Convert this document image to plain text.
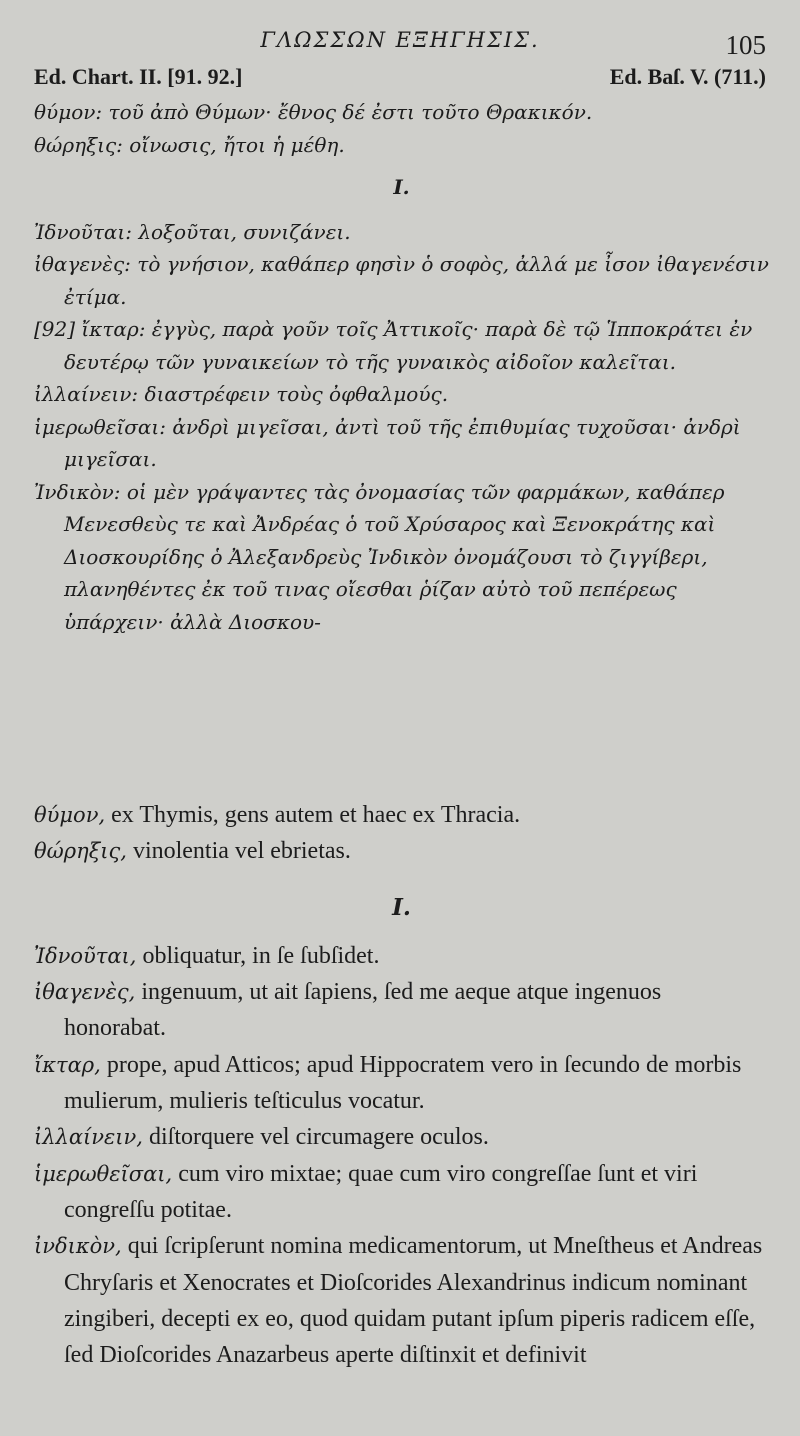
ΓΛΩΣΣΩΝ ΕΞΗΓΗΣΙΣ.	105
Ed. Chart. II. [91. 92.]	Ed. Baſ. V. (711.)

θύμον: τοῦ ἀπὸ Θύμων· ἔθνος δέ ἐστι τοῦτο Θρακικόν.

θώρηξις: οἴνωσις, ἤτοι ἡ μέθη.

Ι.

Ἰδνοῦται: λοξοῦται, συνιζάνει.

ἰθαγενὲς: τὸ γνήσιον, καθάπερ φησὶν ὁ σοφὸς, ἀλλά με ἶσον ἰθαγενέσιν ἐτίμα.

[92] ἴκταρ: ἐγγὺς, παρὰ γοῦν τοῖς Ἀττικοῖς· παρὰ δὲ τῷ Ἱπποκράτει ἐν δευτέρῳ τῶν γυναικείων τὸ τῆς γυναικὸς αἰδοῖον καλεῖται.

ἰλλαίνειν: διαστρέφειν τοὺς ὀφθαλμούς.

ἱμερωθεῖσαι: ἀνδρὶ μιγεῖσαι, ἀντὶ τοῦ τῆς ἐπιθυμίας τυχοῦσαι· ἀνδρὶ μιγεῖσαι.

Ἰνδικὸν: οἱ μὲν γράψαντες τὰς ὀνομασίας τῶν φαρμάκων, καθάπερ Μενεσθεὺς τε καὶ Ἀνδρέας ὁ τοῦ Χρύσαρος καὶ Ξενοκράτης καὶ Διοσκουρίδης ὁ Ἀλεξανδρεὺς Ἰνδικὸν ὀνομάζουσι τὸ ζιγγίβερι, πλανηθέντες ἐκ τοῦ τινας οἴεσθαι ῥίζαν αὐτὸ τοῦ πεπέρεως ὑπάρχειν· ἀλλὰ Διοσκου-

θύμον, ex Thymis, gens autem et haec ex Thracia.

θώρηξις, vinolentia vel ebrietas.

I.

Ἰδνοῦται, obliquatur, in ſe ſubſidet.

ἰθαγενὲς, ingenuum, ut ait ſapiens, ſed me aeque atque ingenuos honorabat.

ἴκταρ, prope, apud Atticos; apud Hippocratem vero in ſecundo de morbis mulierum, mulieris teſticulus vocatur.

ἰλλαίνειν, diſtorquere vel circumagere oculos.

ἱμερωθεῖσαι, cum viro mixtae; quae cum viro congreſſae ſunt et viri congreſſu potitae.

ἰνδικὸν, qui ſcripſerunt nomina medicamentorum, ut Mneſtheus et Andreas Chryſaris et Xenocrates et Dioſcorides Alexandrinus indicum nominant zingiberi, decepti ex eo, quod quidam putant ipſum piperis radicem eſſe, ſed Dioſcorides Anazarbeus aperte diſtinxit et definivit
